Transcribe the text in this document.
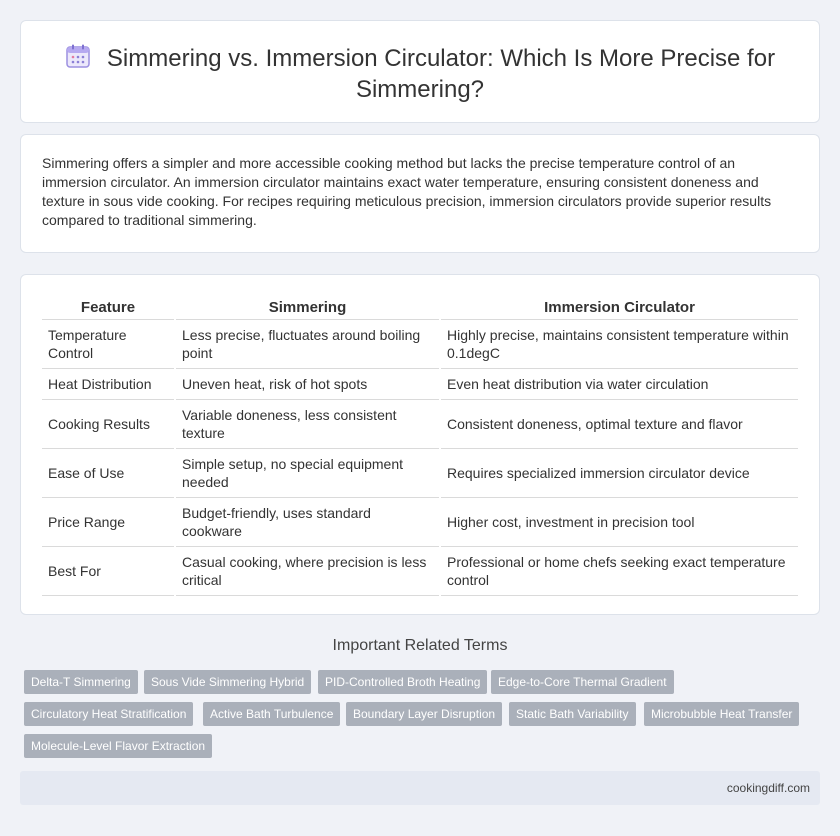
Simmering vs. Immersion Circulator: Which Is More Precise for Simmering?

Simmering offers a simpler and more accessible cooking method but lacks the precise temperature control of an immersion circulator. An immersion circulator maintains exact water temperature, ensuring consistent doneness and texture in sous vide cooking. For recipes requiring meticulous precision, immersion circulators provide superior results compared to traditional simmering.

Feature	Simmering	Immersion Circulator
Temperature Control	Less precise, fluctuates around boiling point	Highly precise, maintains consistent temperature within 0.1degC
Heat Distribution	Uneven heat, risk of hot spots	Even heat distribution via water circulation
Cooking Results	Variable doneness, less consistent texture	Consistent doneness, optimal texture and flavor
Ease of Use	Simple setup, no special equipment needed	Requires specialized immersion circulator device
Price Range	Budget-friendly, uses standard cookware	Higher cost, investment in precision tool
Best For	Casual cooking, where precision is less critical	Professional or home chefs seeking exact temperature control
Important Related Terms
Delta-T Simmering	Sous Vide Simmering Hybrid	PID-Controlled Broth Heating	Edge-to-Core Thermal Gradient
Circulatory Heat Stratification	Active Bath Turbulence	Boundary Layer Disruption	Static Bath Variability	Microbubble Heat Transfer
Molecule-Level Flavor Extraction
cookingdiff.com
